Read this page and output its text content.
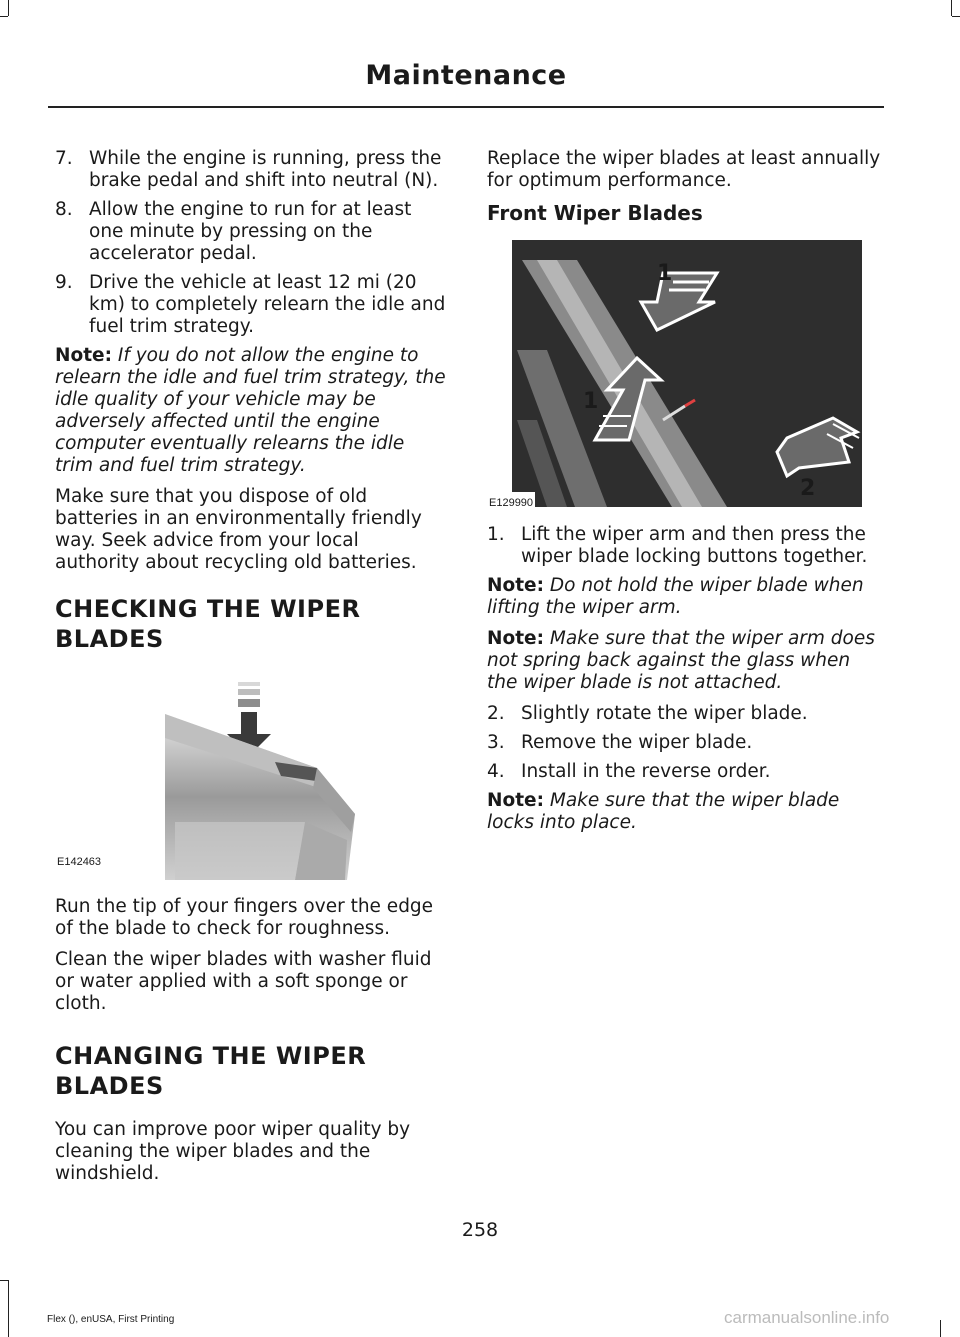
Maintenance
7. While the engine is running, press the brake pedal and shift into neutral (N).
8. Allow the engine to run for at least one minute by pressing on the accelerator pedal.
9. Drive the vehicle at least 12 mi (20 km) to completely relearn the idle and fuel trim strategy.

Note: If you do not allow the engine to relearn the idle and fuel trim strategy, the idle quality of your vehicle may be adversely affected until the engine computer eventually relearns the idle trim and fuel trim strategy.

Make sure that you dispose of old batteries in an environmentally friendly way. Seek advice from your local authority about recycling old batteries.

CHECKING THE WIPER BLADES
E142463

Run the tip of your fingers over the edge of the blade to check for roughness.

Clean the wiper blades with washer fluid or water applied with a soft sponge or cloth.

CHANGING THE WIPER BLADES

You can improve poor wiper quality by cleaning the wiper blades and the windshield.

Replace the wiper blades at least annually for optimum performance.

Front Wiper Blades
1
1
2
E129990
1. Lift the wiper arm and then press the wiper blade locking buttons together.

Note: Do not hold the wiper blade when lifting the wiper arm.

Note: Make sure that the wiper arm does not spring back against the glass when the wiper blade is not attached.

2. Slightly rotate the wiper blade.
3. Remove the wiper blade.
4. Install in the reverse order.

Note: Make sure that the wiper blade locks into place.

258
Flex (), enUSA, First Printing	carmanualsonline.info
